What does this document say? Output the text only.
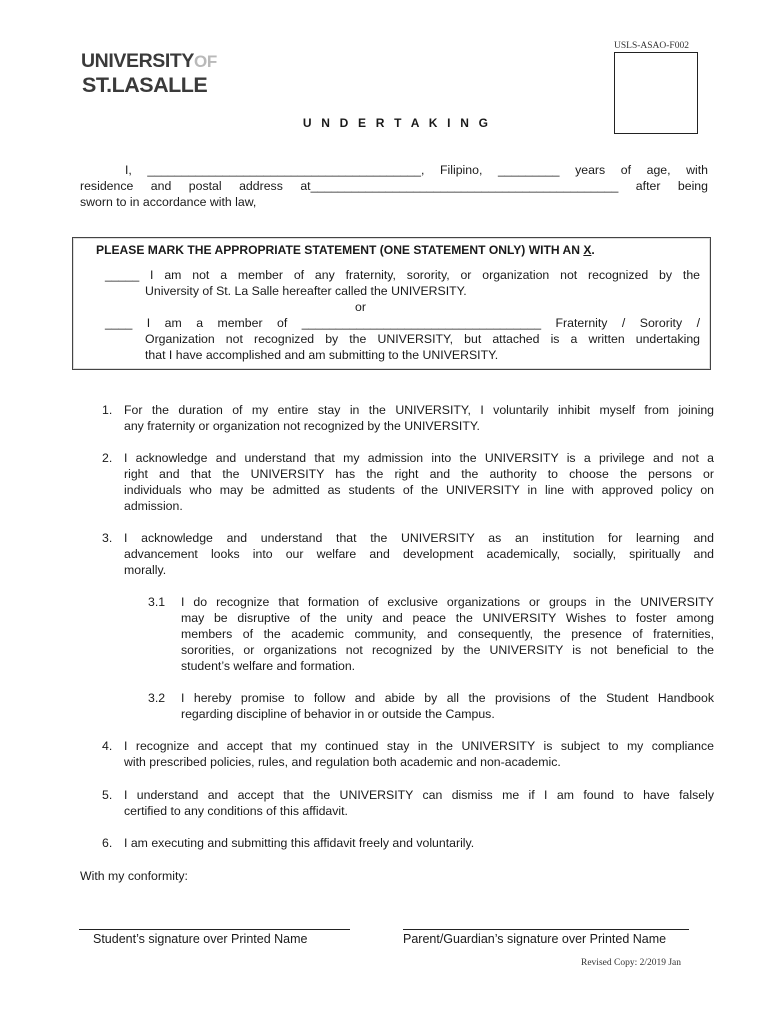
USLS-ASAO-F002
UNIVERSITYOF
ST.LASALLE
U N D E R T A K I N G
I, ________________________________________, Filipino, _________ years of age, with
residence and postal address at_____________________________________________ after being
sworn to in accordance with law,
PLEASE MARK THE APPROPRIATE STATEMENT (ONE STATEMENT ONLY) WITH AN X.
_____ I am not a member of any fraternity, sorority, or organization not recognized by the
University of St. La Salle hereafter called the UNIVERSITY.
or
____ I am a member of ___________________________________ Fraternity / Sorority /
Organization not recognized by the UNIVERSITY, but attached is a written undertaking
that I have accomplished and am submitting to the UNIVERSITY.
1. For the duration of my entire stay in the UNIVERSITY, I voluntarily inhibit myself from joining
any fraternity or organization not recognized by the UNIVERSITY.
2. I acknowledge and understand that my admission into the UNIVERSITY is a privilege and not a
right and that the UNIVERSITY has the right and the authority to choose the persons or
individuals who may be admitted as students of the UNIVERSITY in line with approved policy on
admission.
3. I acknowledge and understand that the UNIVERSITY as an institution for learning and
advancement looks into our welfare and development academically, socially, spiritually and
morally.
3.1 I do recognize that formation of exclusive organizations or groups in the UNIVERSITY
may be disruptive of the unity and peace the UNIVERSITY Wishes to foster among
members of the academic community, and consequently, the presence of fraternities,
sororities, or organizations not recognized by the UNIVERSITY is not beneficial to the
student’s welfare and formation.
3.2 I hereby promise to follow and abide by all the provisions of the Student Handbook
regarding discipline of behavior in or outside the Campus.
4. I recognize and accept that my continued stay in the UNIVERSITY is subject to my compliance
with prescribed policies, rules, and regulation both academic and non-academic.
5. I understand and accept that the UNIVERSITY can dismiss me if I am found to have falsely
certified to any conditions of this affidavit.
6. I am executing and submitting this affidavit freely and voluntarily.
With my conformity:
Student’s signature over Printed Name	Parent/Guardian’s signature over Printed Name
Revised Copy: 2/2019 Jan
